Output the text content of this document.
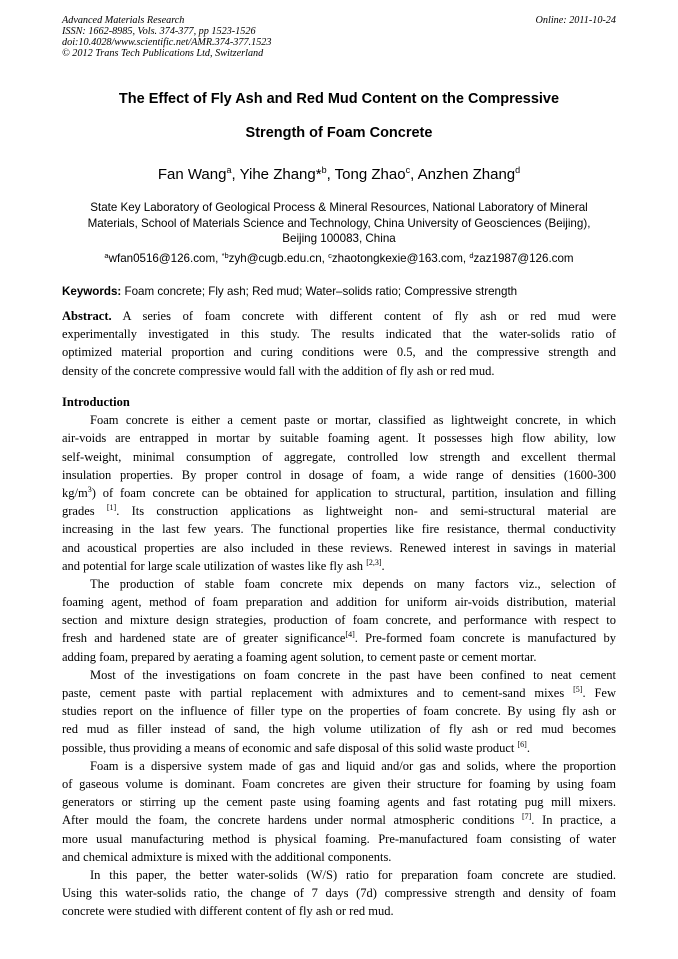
Advanced Materials Research
ISSN: 1662-8985, Vols. 374-377, pp 1523-1526
doi:10.4028/www.scientific.net/AMR.374-377.1523
© 2012 Trans Tech Publications Ltd, Switzerland
Online: 2011-10-24
The Effect of Fly Ash and Red Mud Content on the Compressive
Strength of Foam Concrete
Fan Wang$^a$, Yihe Zhang*$^b$, Tong Zhao$^c$, Anzhen Zhang$^d$
State Key Laboratory of Geological Process & Mineral Resources, National Laboratory of Mineral
Materials, School of Materials Science and Technology, China University of Geosciences (Beijing),
Beijing 100083, China
$^a$wfan0516@126.com, $^{*b}$zyh@cugb.edu.cn, $^c$zhaotongkexie@163.com, $^d$zaz1987@126.com
Keywords: Foam concrete; Fly ash; Red mud; Water–solids ratio; Compressive strength
Abstract. A series of foam concrete with different content of fly ash or red mud were
experimentally investigated in this study. The results indicated that the water-solids ratio of
optimized material proportion and curing conditions were 0.5, and the compressive strength and
density of the concrete compressive would fall with the addition of fly ash or red mud.
Introduction
Foam concrete is either a cement paste or mortar, classified as lightweight concrete, in which
air-voids are entrapped in mortar by suitable foaming agent. It possesses high flow ability, low
self-weight, minimal consumption of aggregate, controlled low strength and excellent thermal
insulation properties. By proper control in dosage of foam, a wide range of densities (1600-300
$kg/m^3$) of foam concrete can be obtained for application to structural, partition, insulation and filling
grades [1]. Its construction applications as lightweight non- and semi-structural material are
increasing in the last few years. The functional properties like fire resistance, thermal conductivity
and acoustical properties are also included in these reviews. Renewed interest in savings in material
and potential for large scale utilization of wastes like fly ash [2,3].
The production of stable foam concrete mix depends on many factors viz., selection of
foaming agent, method of foam preparation and addition for uniform air-voids distribution, material
section and mixture design strategies, production of foam concrete, and performance with respect to
fresh and hardened state are of greater significance[4]. Pre-formed foam concrete is manufactured by
adding foam, prepared by aerating a foaming agent solution, to cement paste or cement mortar.
Most of the investigations on foam concrete in the past have been confined to neat cement
paste, cement paste with partial replacement with admixtures and to cement-sand mixes [5]. Few
studies report on the influence of filler type on the properties of foam concrete. By using fly ash or
red mud as filler instead of sand, the high volume utilization of fly ash or red mud becomes
possible, thus providing a means of economic and safe disposal of this solid waste product [6].
Foam is a dispersive system made of gas and liquid and/or gas and solids, where the proportion
of gaseous volume is dominant. Foam concretes are given their structure for foaming by using foam
generators or stirring up the cement paste using foaming agents and fast rotating pug mill mixers.
After mould the foam, the concrete hardens under normal atmospheric conditions [7]. In practice, a
more usual manufacturing method is physical foaming. Pre-manufactured foam consisting of water
and chemical admixture is mixed with the additional components.
In this paper, the better water-solids (W/S) ratio for preparation foam concrete are studied.
Using this water-solids ratio, the change of 7 days (7d) compressive strength and density of foam
concrete were studied with different content of fly ash or red mud.
